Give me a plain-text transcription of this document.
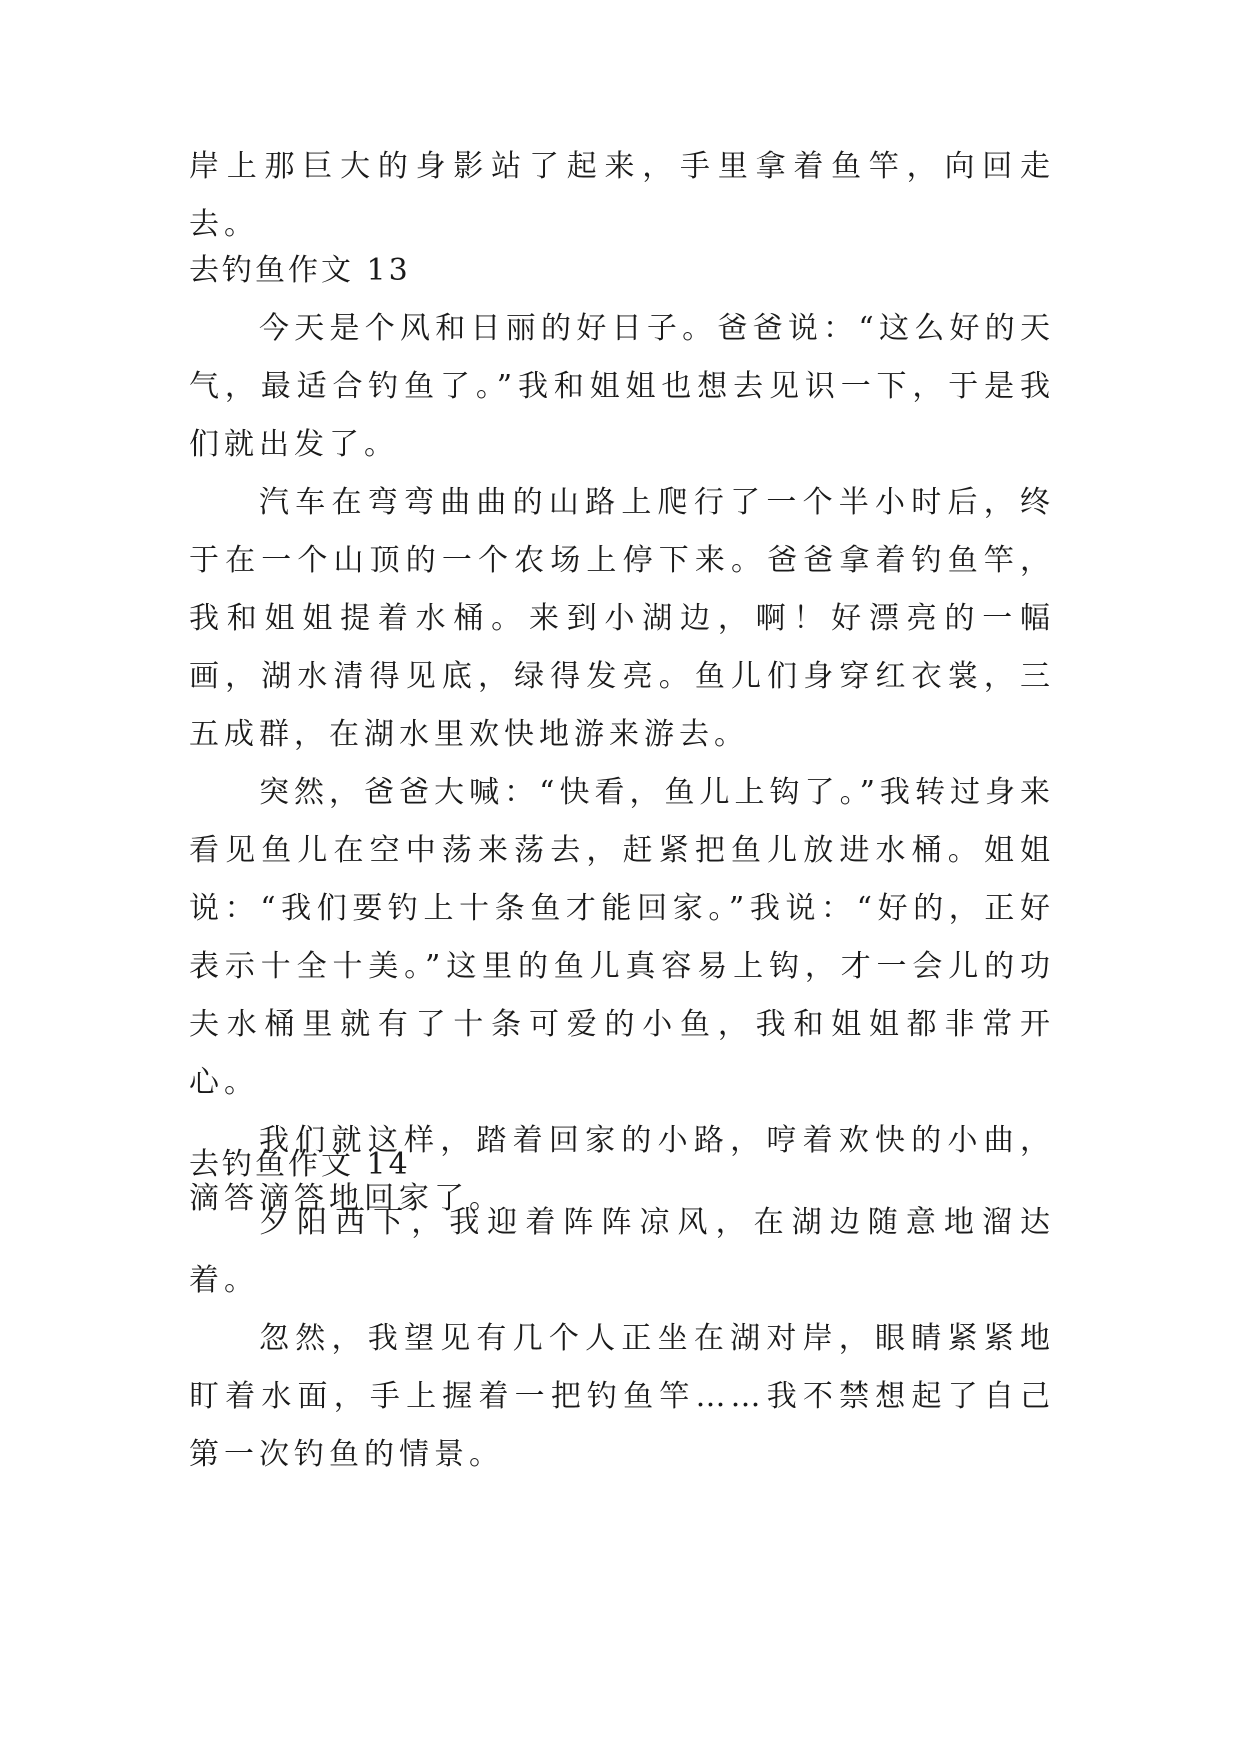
岸上那巨大的身影站了起来，手里拿着鱼竿，向回走去。

去钓鱼作文 13

今天是个风和日丽的好日子。爸爸说：“这么好的天气，最适合钓鱼了。”我和姐姐也想去见识一下，于是我们就出发了。

汽车在弯弯曲曲的山路上爬行了一个半小时后，终于在一个山顶的一个农场上停下来。爸爸拿着钓鱼竿，我和姐姐提着水桶。来到小湖边，啊！好漂亮的一幅画，湖水清得见底，绿得发亮。鱼儿们身穿红衣裳，三五成群，在湖水里欢快地游来游去。

突然，爸爸大喊：“快看，鱼儿上钩了。”我转过身来看见鱼儿在空中荡来荡去，赶紧把鱼儿放进水桶。姐姐说：“我们要钓上十条鱼才能回家。”我说：“好的，正好表示十全十美。”这里的鱼儿真容易上钩，才一会儿的功夫水桶里就有了十条可爱的小鱼，我和姐姐都非常开心。

我们就这样，踏着回家的小路，哼着欢快的小曲，滴答滴答地回家了。

去钓鱼作文 14

夕阳西下，我迎着阵阵凉风，在湖边随意地溜达着。

忽然，我望见有几个人正坐在湖对岸，眼睛紧紧地盯着水面，手上握着一把钓鱼竿……我不禁想起了自己第一次钓鱼的情景。
